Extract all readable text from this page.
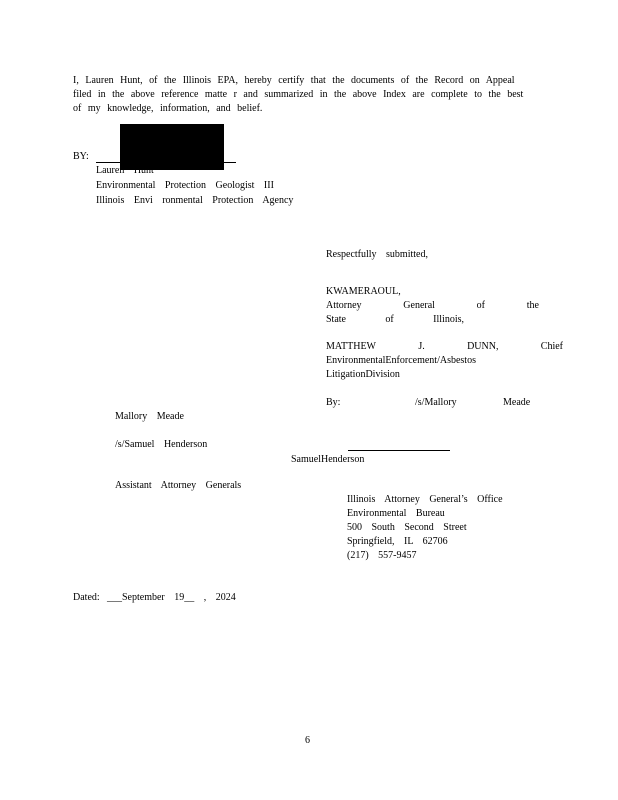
I, Lauren Hunt, of the Illinois EPA, hereby certify that the documents of the Record on Appeal
filed in the above reference matte r and summarized in the above Index are complete to the best
of my knowledge, information, and belief.
BY:
Lauren Hunt
Environmental Protection Geologist III
Illinois Envi ronmental Protection Agency
Respectfully submitted,
KWAMERAOUL,
Attorney	General	of	the
State	of	Illinois,
MATTHEW	J.	DUNN,	Chief
EnvironmentalEnforcement/Asbestos
LitigationDivision
By:	/s/Mallory	Meade
Mallory Meade
/s/Samuel Henderson
SamuelHenderson
Assistant Attorney Generals
Illinois Attorney General’s Office
Environmental Bureau
500 South Second Street
Springfield, IL 62706
(217) 557-9457
Dated: ___September 19__ , 2024
6
